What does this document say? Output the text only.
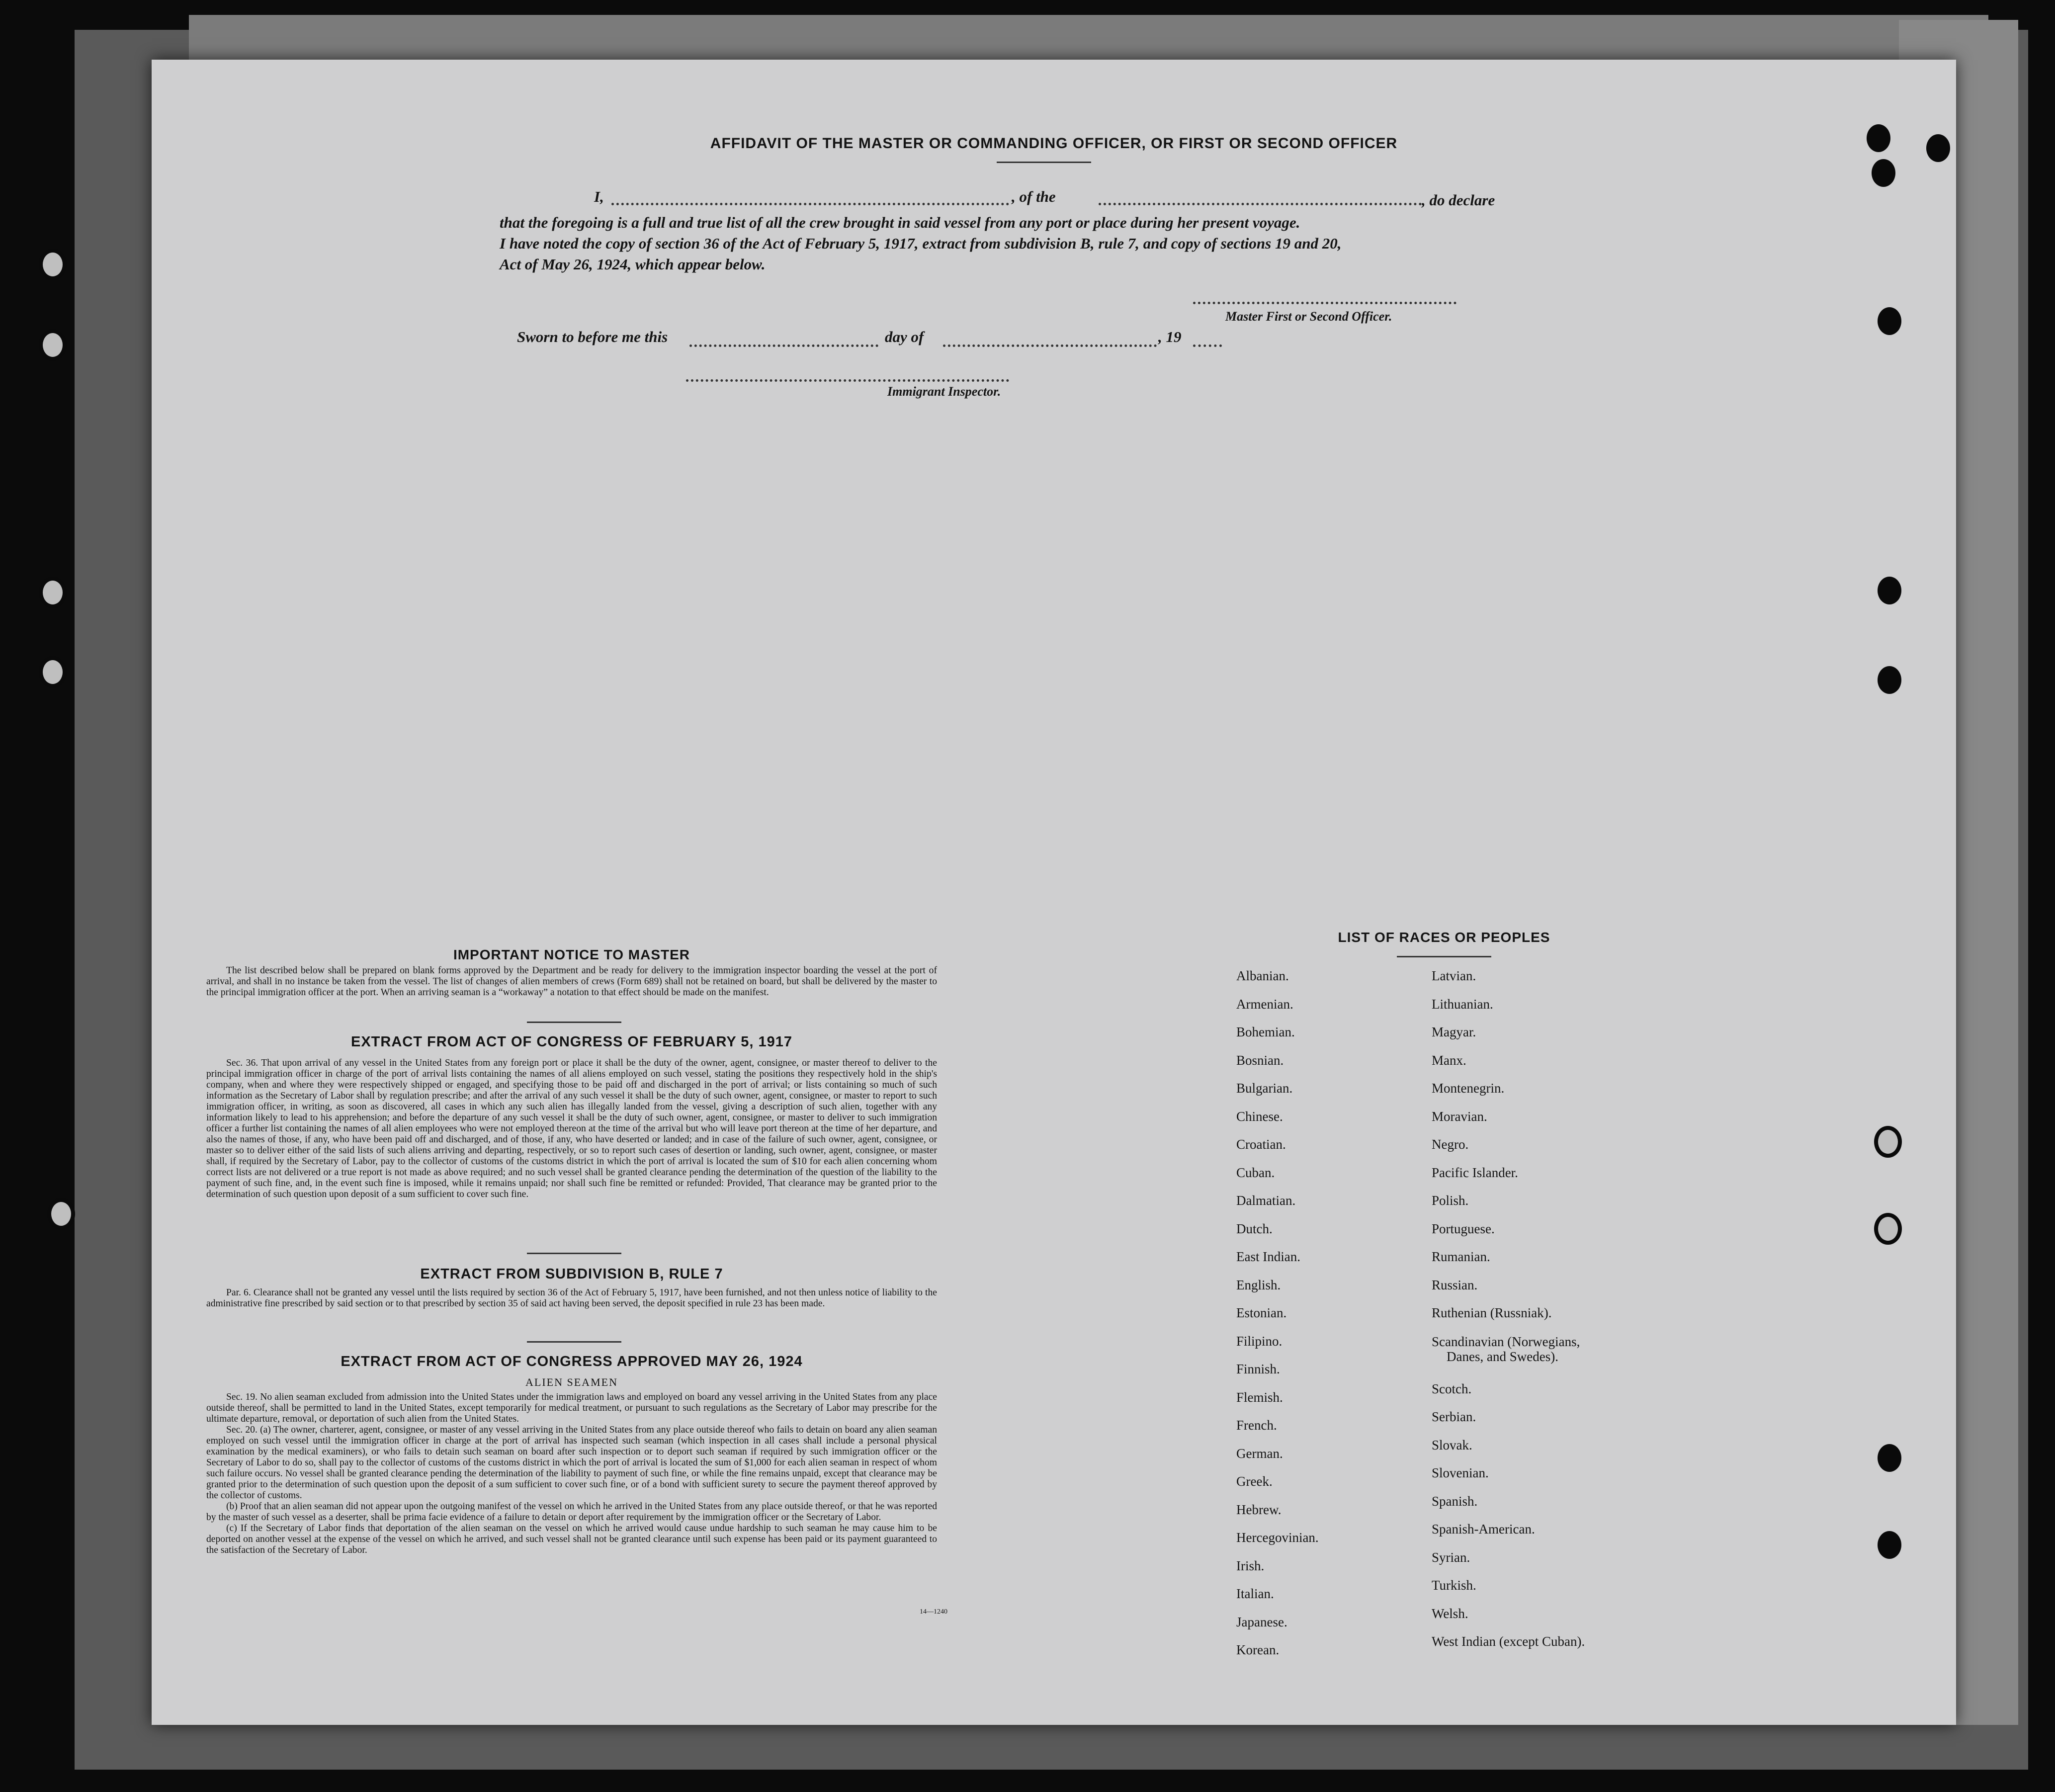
AFFIDAVIT OF THE MASTER OR COMMANDING OFFICER, OR FIRST OR SECOND OFFICER
I,	, of the	, do declare
that the foregoing is a full and true list of all the crew brought in said vessel from any port or place during her present voyage.
I have noted the copy of section 36 of the Act of February 5, 1917, extract from subdivision B, rule 7, and copy of sections 19 and 20,
Act of May 26, 1924, which appear below.
Master First or Second Officer.
Sworn to before me this	day of	, 19
Immigrant Inspector.
IMPORTANT NOTICE TO MASTER

The list described below shall be prepared on blank forms approved by the Department and be ready for delivery to the immigration inspector boarding the vessel at the port of arrival, and shall in no instance be taken from the vessel. The list of changes of alien members of crews (Form 689) shall not be retained on board, but shall be delivered by the master to the principal immigration officer at the port. When an arriving seaman is a “workaway” a notation to that effect should be made on the manifest.

EXTRACT FROM ACT OF CONGRESS OF FEBRUARY 5, 1917

Sec. 36. That upon arrival of any vessel in the United States from any foreign port or place it shall be the duty of the owner, agent, consignee, or master thereof to deliver to the principal immigration officer in charge of the port of arrival lists containing the names of all aliens employed on such vessel, stating the positions they respectively hold in the ship's company, when and where they were respectively shipped or engaged, and specifying those to be paid off and discharged in the port of arrival; or lists containing so much of such information as the Secretary of Labor shall by regulation prescribe; and after the arrival of any such vessel it shall be the duty of such owner, agent, consignee, or master to report to such immigration officer, in writing, as soon as discovered, all cases in which any such alien has illegally landed from the vessel, giving a description of such alien, together with any information likely to lead to his apprehension; and before the departure of any such vessel it shall be the duty of such owner, agent, consignee, or master to deliver to such immigration officer a further list containing the names of all alien employees who were not employed thereon at the time of the arrival but who will leave port thereon at the time of her departure, and also the names of those, if any, who have been paid off and discharged, and of those, if any, who have deserted or landed; and in case of the failure of such owner, agent, consignee, or master so to deliver either of the said lists of such aliens arriving and departing, respectively, or so to report such cases of desertion or landing, such owner, agent, consignee, or master shall, if required by the Secretary of Labor, pay to the collector of customs of the customs district in which the port of arrival is located the sum of $10 for each alien concerning whom correct lists are not delivered or a true report is not made as above required; and no such vessel shall be granted clearance pending the determination of the question of the liability to the payment of such fine, and, in the event such fine is imposed, while it remains unpaid; nor shall such fine be remitted or refunded: Provided, That clearance may be granted prior to the determination of such question upon deposit of a sum sufficient to cover such fine.

EXTRACT FROM SUBDIVISION B, RULE 7

Par. 6. Clearance shall not be granted any vessel until the lists required by section 36 of the Act of February 5, 1917, have been furnished, and not then unless notice of liability to the administrative fine prescribed by said section or to that prescribed by section 35 of said act having been served, the deposit specified in rule 23 has been made.

EXTRACT FROM ACT OF CONGRESS APPROVED MAY 26, 1924
ALIEN SEAMEN

Sec. 19. No alien seaman excluded from admission into the United States under the immigration laws and employed on board any vessel arriving in the United States from any place outside thereof, shall be permitted to land in the United States, except temporarily for medical treatment, or pursuant to such regulations as the Secretary of Labor may prescribe for the ultimate departure, removal, or deportation of such alien from the United States.

Sec. 20. (a) The owner, charterer, agent, consignee, or master of any vessel arriving in the United States from any place outside thereof who fails to detain on board any alien seaman employed on such vessel until the immigration officer in charge at the port of arrival has inspected such seaman (which inspection in all cases shall include a personal physical examination by the medical examiners), or who fails to detain such seaman on board after such inspection or to deport such seaman if required by such immigration officer or the Secretary of Labor to do so, shall pay to the collector of customs of the customs district in which the port of arrival is located the sum of $1,000 for each alien seaman in respect of whom such failure occurs. No vessel shall be granted clearance pending the determination of the liability to payment of such fine, or while the fine remains unpaid, except that clearance may be granted prior to the determination of such question upon the deposit of a sum sufficient to cover such fine, or of a bond with sufficient surety to secure the payment thereof approved by the collector of customs.

(b) Proof that an alien seaman did not appear upon the outgoing manifest of the vessel on which he arrived in the United States from any place outside thereof, or that he was reported by the master of such vessel as a deserter, shall be prima facie evidence of a failure to detain or deport after requirement by the immigration officer or the Secretary of Labor.

(c) If the Secretary of Labor finds that deportation of the alien seaman on the vessel on which he arrived would cause undue hardship to such seaman he may cause him to be deported on another vessel at the expense of the vessel on which he arrived, and such vessel shall not be granted clearance until such expense has been paid or its payment guaranteed to the satisfaction of the Secretary of Labor.

14—1240
LIST OF RACES OR PEOPLES
Albanian.
Armenian.
Bohemian.
Bosnian.
Bulgarian.
Chinese.
Croatian.
Cuban.
Dalmatian.
Dutch.
East Indian.
English.
Estonian.
Filipino.
Finnish.
Flemish.
French.
German.
Greek.
Hebrew.
Hercegovinian.
Irish.
Italian.
Japanese.
Korean.
Latvian.
Lithuanian.
Magyar.
Manx.
Montenegrin.
Moravian.
Negro.
Pacific Islander.
Polish.
Portuguese.
Rumanian.
Russian.
Ruthenian (Russniak).
Scandinavian (Norwegians,
Danes, and Swedes).
Scotch.
Serbian.
Slovak.
Slovenian.
Spanish.
Spanish-American.
Syrian.
Turkish.
Welsh.
West Indian (except Cuban).
